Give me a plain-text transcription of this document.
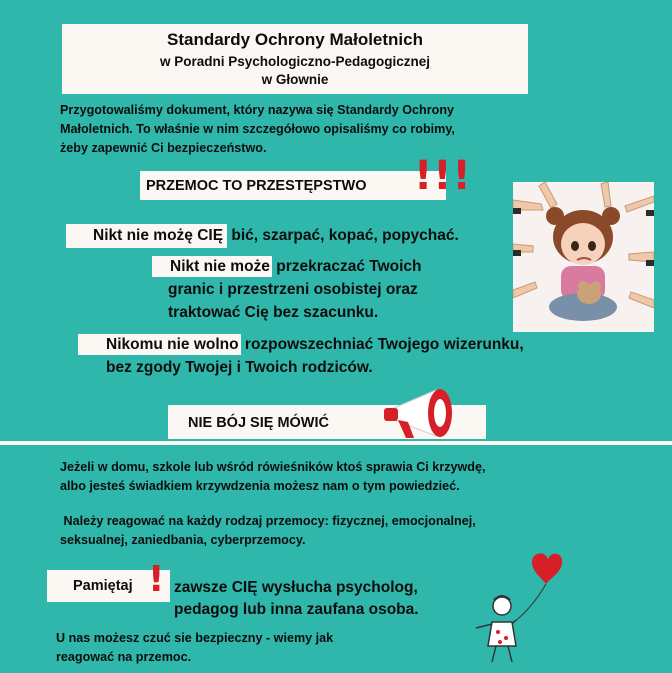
Standardy Ochrony Małoletnich
w Poradni Psychologiczno-Pedagogicznej
w Głownie
Przygotowaliśmy dokument, który nazywa się Standardy Ochrony
Małoletnich. To właśnie w nim szczegółowo opisaliśmy co robimy,
żeby zapewnić Ci bezpieczeństwo.
PRZEMOC TO PRZESTĘPSTWO !!!
Nikt nie możę CIĘ bić, szarpać, kopać, popychać.
Nikt nie może przekraczać Twoich
granic i przestrzeni osobistej oraz
traktować Cię bez szacunku.
Nikomu nie wolno rozpowszechniać Twojego wizerunku,
bez zgody Twojej i Twoich rodziców.
NIE BÓJ SIĘ MÓWIĆ
Jeżeli w domu, szkole lub wśród rówieśników ktoś sprawia Ci krzywdę,
albo jesteś świadkiem krzywdzenia możesz nam o tym powiedzieć.
Należy reagować na każdy rodzaj przemocy: fizycznej, emocjonalnej,
seksualnej, zaniedbania, cyberprzemocy.
Pamiętaj ! zawsze CIĘ wysłucha psycholog,
pedagog lub inna zaufana osoba.
U nas możesz czuć sie bezpieczny - wiemy jak
reagować na przemoc.
